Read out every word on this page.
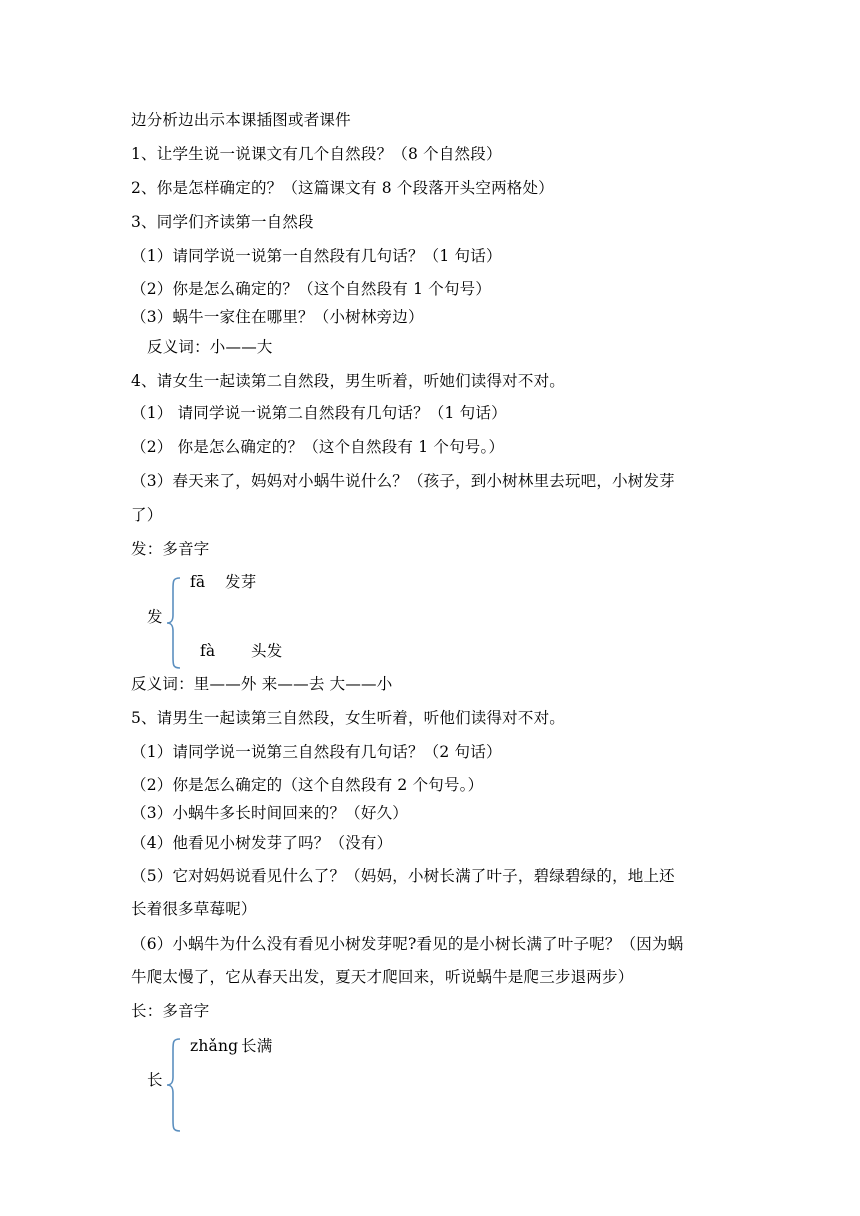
边分析边出示本课插图或者课件
1、让学生说一说课文有几个自然段？（8 个自然段）
2、你是怎样确定的？（这篇课文有 8 个段落开头空两格处）
3、同学们齐读第一自然段
（1）请同学说一说第一自然段有几句话？（1 句话）
（2）你是怎么确定的？（这个自然段有 1 个句号）
（3）蜗牛一家住在哪里？（小树林旁边）
反义词：小——大
4、请女生一起读第二自然段，男生听着，听她们读得对不对。
（1） 请同学说一说第二自然段有几句话？（1 句话）
（2） 你是怎么确定的？（这个自然段有 1 个句号。）
（3）春天来了，妈妈对小蜗牛说什么？（孩子，到小树林里去玩吧，小树发芽
了）
发：多音字
发
fā 发芽
fà 头发
反义词：里——外 来——去 大——小
5、请男生一起读第三自然段，女生听着，听他们读得对不对。
（1）请同学说一说第三自然段有几句话？（2 句话）
（2）你是怎么确定的（这个自然段有 2 个句号。）
（3）小蜗牛多长时间回来的？（好久）
（4）他看见小树发芽了吗？（没有）
（5）它对妈妈说看见什么了？（妈妈，小树长满了叶子，碧绿碧绿的，地上还
长着很多草莓呢）
（6）小蜗牛为什么没有看见小树发芽呢?看见的是小树长满了叶子呢？（因为蜗
牛爬太慢了，它从春天出发，夏天才爬回来，听说蜗牛是爬三步退两步）
长：多音字
长
zhǎng 长满
